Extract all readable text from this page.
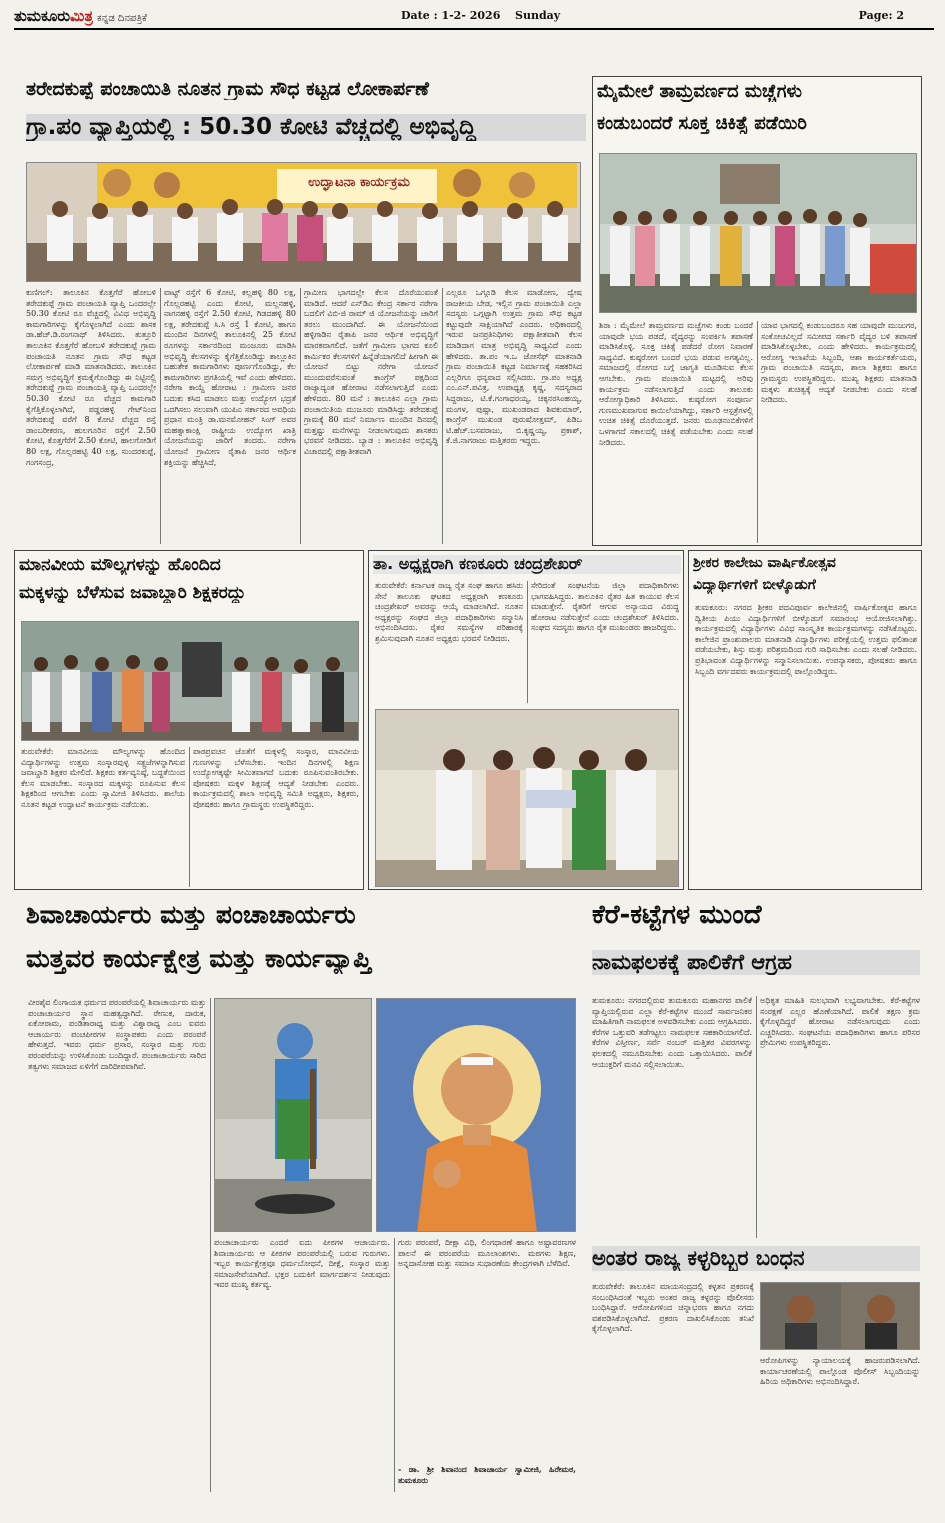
ತುಮಕೂರುಮಿತ್ರ ಕನ್ನಡ ದಿನಪತ್ರಿಕೆ	Date : 1-2- 2026 Sunday	Page: 2
ತರೇದಕುಪ್ಪೆ ಪಂಚಾಯಿತಿ ನೂತನ ಗ್ರಾಮ ಸೌಧ ಕಟ್ಟಡ ಲೋಕಾರ್ಪಣೆ
ಗ್ರಾ.ಪಂ ವ್ಯಾಪ್ತಿಯಲ್ಲಿ : 50.30 ಕೋಟಿ ವೆಚ್ಚದಲ್ಲಿ ಅಭಿವೃದ್ಧಿ
ಉದ್ಘಾಟನಾ ಕಾರ್ಯಕ್ರಮ
ಕುಣಿಗಲ್: ತಾಲೂಕಿನ ಕೊತ್ತಗೆರೆ ಹೋಬಳಿ ತರೇದಕುಪ್ಪೆ ಗ್ರಾಮ ಪಂಚಾಯತಿ ವ್ಯಾಪ್ತಿ ಒಂದರಲ್ಲೇ 50.30 ಕೋಟಿ ರೂ ವೆಚ್ಚದಲ್ಲಿ ವಿವಿಧ ಅಭಿವೃದ್ಧಿ ಕಾಮಗಾರಿಗಳನ್ನು ಕೈಗೊಳ್ಳಲಾಗಿದೆ ಎಂದು ಶಾಸಕ ಡಾ.ಹೆಚ್.ಡಿ.ರಂಗನಾಥ್ ತಿಳಿಸಿದರು. ತುತ್ತೂರಿ ತಾಲೂಕಿನ ಕೊತ್ತಗೆರೆ ಹೋಬಳಿ ತರೇದಕುಪ್ಪೆ ಗ್ರಾಮ ಪಂಚಾಯತಿ ನೂತನ ಗ್ರಾಮ ಸೌಧ ಕಟ್ಟಡ ಲೋಕಾರ್ಪಣೆ ಮಾಡಿ ಮಾತನಾಡಿದರು. ತಾಲೂಕಿನ ಸಮಗ್ರ ಅಭಿವೃದ್ಧಿಗೆ ಕ್ರಮಕೈಗೊಂಡಿದ್ದು ಈ ನಿಟ್ಟಿನಲ್ಲಿ ತರೇದಕುಪ್ಪೆ ಗ್ರಾಮ ಪಂಚಾಯತ್ತಿ ವ್ಯಾಪ್ತಿ ಒಂದರಲ್ಲೇ 50.30 ಕೋಟಿ ರೂ ವೆಚ್ಚದ ಕಾಮಗಾರಿ ಕೈಗೆತ್ತಿಕೊಳ್ಳಲಾಗಿದೆ, ಪಡ್ಡರಹಳ್ಳಿ ಗೇಟ್‌ನಿಂದ ತರೇದಕುಪ್ಪೆ ವರೆಗೆ 8 ಕೋಟಿ ವೆಚ್ಚದ ರಸ್ತೆ ಡಾಂಬರೀಕರಣ, ಹುಲಗೂರಿನ ರಸ್ತೆಗೆ 2.50 ಕೋಟಿ, ಕೊತ್ತಗೆರೆಗೆ 2.50 ಕೋಟಿ, ಹಾಲಗೋಡಿಗೆ 80 ಲಕ್ಷ, ಗೊಲ್ಲರಹಟ್ಟಿ 40 ಲಕ್ಷ, ಸುಂದರಕುಪ್ಪೆ, ಗಂಗಸಂದ್ರ,
ವಾಟ್ಟ್ ರಸ್ತೆಗೆ 6 ಕೋಟಿ, ಕಲ್ಲಹಳ್ಳಿ 80 ಲಕ್ಷ, ಗೊಲ್ಲರಹಟ್ಟಿ ಎಂದು ಕೋಟಿ, ಮಲ್ಲನಹಳ್ಳಿ, ನಾಗನಹಳ್ಳಿ ರಸ್ತೆಗೆ 2.50 ಕೋಟಿ, ಗಿಡದಹಳ್ಳಿ 80 ಲಕ್ಷ, ತರೇದಕುಪ್ಪೆ ಸಿ.ಸಿ ರಸ್ತೆ 1 ಕೋಟಿ, ಹಾಗೂ ಮುಂದಿನ ದಿನಗಳಲ್ಲಿ ತಾಲೂಕಿನಲ್ಲಿ 25 ಕೋಟಿ ರೂಗಳನ್ನು ಸರ್ಕಾರದಿಂದ ಮಂಜೂರು ಮಾಡಿಸಿ ಅಭಿವೃದ್ಧಿ ಕೆಲಸಗಳನ್ನು ಕೈಗೆತ್ತಿಕೊಂಡಿದ್ದು ತಾಲ್ಲೂಕಿನ ಬಹುತೇಕ ಕಾಮಗಾರಿಗಳು ಪೂರ್ಣಗೊಂಡಿದ್ದು, ಕೆಲ ಕಾಮಗಾರಿಗಳು ಪ್ರಗತಿಯಲ್ಲಿ ಇವೆ ಎಂದು ಹೇಳಿದರು. ನರೇಗಾ ಕಾಯ್ದೆ ಹೋರಾಟ : ಗ್ರಾಮೀಣ ಜನರ ಬದುಕು ಕಸಿದ ಮಾಡಲು ಮತ್ತು ಉದ್ಯೋಗ ಭದ್ರತೆ ಒದಗಿಸಲು ಸಲುವಾಗಿ ಯುಪಿಎ ಸರ್ಕಾರದ ಅವಧಿಯ ಪ್ರಧಾನ ಮಂತ್ರಿ ಡಾ.ಮನಮೋಹನ್ ಸಿಂಗ್ ಅವರ ಮಹತ್ವಾಕಾಂಕ್ಷಿ ರಾಷ್ಟ್ರೀಯ ಉದ್ಯೋಗ ಖಾತ್ರಿ ಯೋಜನೆಯನ್ನು ಜಾರಿಗೆ ತಂದರು. ನರೇಗಾ ಯೋಜನೆ ಗ್ರಾಮೀಣ ರೈತಾಪಿ ಜನರ ಆರ್ಥಿಕ ಶಕ್ತಿಯನ್ನು ಹೆಚ್ಚಿಸಿದೆ,
ಗ್ರಾಮೀಣ ಭಾಗದಲ್ಲೇ ಕೆಲಸ ದೊರೆಯುವಂತೆ ಮಾಡಿದೆ. ಆದರೆ ಎನ್‌ಡಿಎ ಕೇಂದ್ರ ಸರ್ಕಾರ ನರೇಗಾ ಬದಲಿಗೆ ವಿಬಿ-ಜಿ ರಾಮ್ ಜಿ ಯೋಜನೆಯನ್ನು ಜಾರಿಗೆ ತರಲು ಮುಂದಾಗಿದೆ. ಈ ಯೋಜನೆಯಿಂದ ಹಳ್ಳಿಗಾಡಿನ ರೈತಾಪಿ ಜನರ ಆರ್ಥಿಕ ಅಭಿವೃದ್ಧಿಗೆ ಮಾರಕವಾಗಲಿದೆ. ಜತೆಗೆ ಗ್ರಾಮೀಣ ಭಾಗದ ಕೂಲಿ ಕಾರ್ಮಿಕರ ಕೆಲಸಗಳಿಗೆ ಹಿನ್ನೆಡೆಯಾಗಲಿದೆ ಹೀಗಾಗಿ ಈ ಯೋಜನೆ ಬಿಟ್ಟು ನರೇಗಾ ಯೋಜನೆ ಮುಂದುವರೆಸುವಂತೆ ಕಾಂಗ್ರೆಸ್ ಪಕ್ಷದಿಂದ ರಾಜ್ಯಾದ್ಯಂತ ಹೋರಾಟ ನಡೆಸಲಾಗುತ್ತಿದೆ ಎಂದು ಹೇಳಿದರು. 80 ಮನೆ : ತಾಲೂಕಿನ ಎಲ್ಲಾ ಗ್ರಾಮ ಪಂಚಾಯಿತಿಯ ಮುಜೂರು ಮಾಡಿಸಿದ್ದು ತರೇದಕುಪ್ಪೆ ಗ್ರಾಮಕ್ಕೆ 80 ಮನೆ ನಿರ್ಮಾಣ ಮುಂದಿನ ದಿನದಲ್ಲಿ ಮತ್ತಷ್ಟು ಮನೆಗಳನ್ನು ನೀಡಲಾಗುವುದು ಶಾಸಕರು ಭರವಸೆ ನೀಡಿದರು. ಬ್ಯಾಡ : ತಾಲೂಕಿನ ಅಭಿವೃದ್ಧಿ ವಿಚಾರದಲ್ಲಿ ಪಕ್ಷಾತೀತವಾಗಿ
ಎಲ್ಲರೂ ಒಗ್ಗೂಡಿ ಕೆಲಸ ಮಾಡೋಣ, ದ್ವೇಷ ರಾಜಕೀಯ ಬೇಡ, ಇಲ್ಲಿನ ಗ್ರಾಮ ಪಂಚಾಯಿತಿ ಎಲ್ಲಾ ಸದಸ್ಯರು ಒಗ್ಗಟ್ಟಾಗಿ ಉತ್ತಮ ಗ್ರಾಮ ಸೌಧ ಕಟ್ಟಡ ಕಟ್ಟುವುದೇ ಸಾಕ್ಷಿಯಾಗಿದೆ ಎಂದರು. ಅಧಿಕಾರದಲ್ಲಿ ಇರುವ ಜನಪ್ರತಿನಿಧಿಗಳು ಪಕ್ಷಾತೀತವಾಗಿ ಕೆಲಸ ಮಾಡಿದಾಗ ಮಾತ್ರ ಅಭಿವೃದ್ಧಿ ಸಾಧ್ಯವಿದೆ ಎಂದು ಹೇಳಿದರು. ತಾ.ಪಂ ಇ.ಒ ಜೋಸೆಫ್ ಮಾತನಾಡಿ ಗ್ರಾಮ ಪಂಚಾಯಿತಿ ಕಟ್ಟಡ ನಿರ್ಮಾಣಕ್ಕೆ ಸಹಕರಿಸಿದ ಎಲ್ಲರಿಗೂ ಧನ್ಯವಾದ ಸಲ್ಲಿಸಿದರು. ಗ್ರಾ.ಪಂ ಅಧ್ಯಕ್ಷ ಎಂ.ಎನ್.ಪವಿತ್ರ, ಉಪಾಧ್ಯಕ್ಷ ಕೃಷ್ಣ, ಸದಸ್ಯರಾದ ಸಿದ್ದರಾಜು, ಟಿ.ಕೆ.ಗಂಗಾಧರಯ್ಯ, ಚಿಕ್ಕನರಸಿಂಹಯ್ಯ, ಮಂಗಳ, ಪುಷ್ಪಾ, ಮುಖಂಡರಾದ ಶಿವಕುಮಾರ್, ಕಾಂಗ್ರೆಸ್ ಮುಖಂಡ ಪುರುಷೋತ್ತಮ್, ಪಿಡಿಒ ಟಿ.ಹೆಚ್.ಬಸವರಾಜು, ಬಿ.ಕೃಷ್ಣಯ್ಯ, ಪ್ರಕಾಶ್, ಕೆ.ಜಿ.ನಾಗರಾಜು ಮತ್ತಿತರರು ಇದ್ದರು.
ಮೈಮೇಲೆ ತಾಮ್ರವರ್ಣದ ಮಚ್ಚೆಗಳು
ಕಂಡುಬಂದರೆ ಸೂಕ್ತ ಚಿಕಿತ್ಸೆ ಪಡೆಯಿರಿ
ಶಿರಾ : ಮೈಮೇಲೆ ತಾಮ್ರವರ್ಣದ ಮಚ್ಚೆಗಳು ಕಂಡು ಬಂದರೆ ಯಾವುದೇ ಭಯ ಪಡದೆ, ವೈದ್ಯರನ್ನು ಸಂಪರ್ಕಿಸಿ ತಪಾಸಣೆ ಮಾಡಿಸಿಕೊಳ್ಳಿ. ಸೂಕ್ತ ಚಿಕಿತ್ಸೆ ಪಡೆದರೆ ರೋಗ ನಿವಾರಣೆ ಸಾಧ್ಯವಿದೆ. ಕುಷ್ಠರೋಗ ಬಂದರೆ ಭಯ ಪಡುವ ಅಗತ್ಯವಿಲ್ಲ. ಸಮಾಜದಲ್ಲಿ ರೋಗದ ಬಗ್ಗೆ ಜಾಗೃತಿ ಮೂಡಿಸುವ ಕೆಲಸ ಆಗಬೇಕು. ಗ್ರಾಮ ಪಂಚಾಯಿತಿ ಮಟ್ಟದಲ್ಲಿ ಅರಿವು ಕಾರ್ಯಕ್ರಮ ನಡೆಸಲಾಗುತ್ತಿದೆ ಎಂದು ತಾಲೂಕು ಆರೋಗ್ಯಾಧಿಕಾರಿ ತಿಳಿಸಿದರು. ಕುಷ್ಠರೋಗ ಸಂಪೂರ್ಣ ಗುಣಮುಖವಾಗುವ ಕಾಯಿಲೆಯಾಗಿದ್ದು, ಸರ್ಕಾರಿ ಆಸ್ಪತ್ರೆಗಳಲ್ಲಿ ಉಚಿತ ಚಿಕಿತ್ಸೆ ದೊರೆಯುತ್ತದೆ. ಜನರು ಮೂಢನಂಬಿಕೆಗಳಿಗೆ ಒಳಗಾಗದೆ ಸಕಾಲದಲ್ಲಿ ಚಿಕಿತ್ಸೆ ಪಡೆಯಬೇಕು ಎಂದು ಸಲಹೆ ನೀಡಿದರು.
ಯಾವ ಭಾಗದಲ್ಲಿ ಕಂಡುಬಂದರೂ ಸಹ ಯಾವುದೇ ಮುಜುಗರ, ಸಂಕೋಚವಿಲ್ಲದೆ ಸಮೀಪದ ಸರ್ಕಾರಿ ವೈದ್ಯರ ಬಳಿ ತಪಾಸಣೆ ಮಾಡಿಸಿಕೊಳ್ಳಬೇಕು, ಎಂದು ಹೇಳಿದರು. ಕಾರ್ಯಕ್ರಮದಲ್ಲಿ ಆರೋಗ್ಯ ಇಲಾಖೆಯ ಸಿಬ್ಬಂದಿ, ಆಶಾ ಕಾರ್ಯಕರ್ತೆಯರು, ಗ್ರಾಮ ಪಂಚಾಯಿತಿ ಸದಸ್ಯರು, ಶಾಲಾ ಶಿಕ್ಷಕರು ಹಾಗೂ ಗ್ರಾಮಸ್ಥರು ಉಪಸ್ಥಿತರಿದ್ದರು. ಮುಖ್ಯ ಶಿಕ್ಷಕರು ಮಾತನಾಡಿ ಮಕ್ಕಳು ಶುಚಿತ್ವಕ್ಕೆ ಆದ್ಯತೆ ನೀಡಬೇಕು ಎಂದು ಸಲಹೆ ನೀಡಿದರು.
ಮಾನವೀಯ ಮೌಲ್ಯಗಳನ್ನು ಹೊಂದಿದ
ಮಕ್ಕಳನ್ನು ಬೆಳೆಸುವ ಜವಾಬ್ದಾರಿ ಶಿಕ್ಷಕರದ್ದು
ತುರುವೇಕೆರೆ: ಮಾನವೀಯ ಮೌಲ್ಯಗಳನ್ನು ಹೊಂದಿದ ವಿದ್ಯಾರ್ಥಿಗಳನ್ನು ಉತ್ತಮ ಸಂಸ್ಕಾರವುಳ್ಳ ಸತ್ಪ್ರಜೆಗಳನ್ನಾಗಿಸುವ ಜವಾಬ್ದಾರಿ ಶಿಕ್ಷಕರ ಮೇಲಿದೆ. ಶಿಕ್ಷಕರು ಕರ್ತವ್ಯನಿಷ್ಠೆ, ಬದ್ಧತೆಯಿಂದ ಕೆಲಸ ಮಾಡಬೇಕು. ಸಂಸ್ಕಾರದ ಮಕ್ಕಳನ್ನು ರೂಪಿಸುವ ಕೆಲಸ ಶಿಕ್ಷಕರಿಂದ ಆಗಬೇಕು ಎಂದು ಸ್ವಾಮೀಜಿ ತಿಳಿಸಿದರು. ಶಾಲೆಯ ನೂತನ ಕಟ್ಟಡ ಉದ್ಘಾಟನೆ ಕಾರ್ಯಕ್ರಮ ನಡೆಯಿತು.
ಪಾಠಪ್ರವಚನ ಜೊತೆಗೆ ಮಕ್ಕಳಲ್ಲಿ ಸಂಸ್ಕಾರ, ಮಾನವೀಯ ಗುಣಗಳನ್ನು ಬೆಳೆಸಬೇಕು. ಇಂದಿನ ದಿನಗಳಲ್ಲಿ ಶಿಕ್ಷಣ ಉದ್ಯೋಗಕ್ಕಷ್ಟೇ ಸೀಮಿತವಾಗದೆ ಬದುಕು ರೂಪಿಸುವಂತಿರಬೇಕು. ಪೋಷಕರು ಮಕ್ಕಳ ಶಿಕ್ಷಣಕ್ಕೆ ಆದ್ಯತೆ ನೀಡಬೇಕು ಎಂದರು. ಕಾರ್ಯಕ್ರಮದಲ್ಲಿ ಶಾಲಾ ಅಭಿವೃದ್ಧಿ ಸಮಿತಿ ಅಧ್ಯಕ್ಷರು, ಶಿಕ್ಷಕರು, ಪೋಷಕರು ಹಾಗೂ ಗ್ರಾಮಸ್ಥರು ಉಪಸ್ಥಿತರಿದ್ದರು.
ತಾ. ಅಧ್ಯಕ್ಷರಾಗಿ ಕಣಕೂರು ಚಂದ್ರಶೇಖರ್
ತುರುವೇಕೆರೆ: ಕರ್ನಾಟಕ ರಾಜ್ಯ ರೈತ ಸಂಘ ಹಾಗೂ ಹಸಿರು ಸೇನೆ ತಾಲೂಕು ಘಟಕದ ಅಧ್ಯಕ್ಷರಾಗಿ ಕಣಕೂರು ಚಂದ್ರಶೇಖರ್ ಅವರನ್ನು ಆಯ್ಕೆ ಮಾಡಲಾಗಿದೆ. ನೂತನ ಅಧ್ಯಕ್ಷರನ್ನು ಸಂಘದ ಜಿಲ್ಲಾ ಪದಾಧಿಕಾರಿಗಳು ಸನ್ಮಾನಿಸಿ ಅಭಿನಂದಿಸಿದರು. ರೈತರ ಸಮಸ್ಯೆಗಳ ಪರಿಹಾರಕ್ಕೆ ಶ್ರಮಿಸುವುದಾಗಿ ನೂತನ ಅಧ್ಯಕ್ಷರು ಭರವಸೆ ನೀಡಿದರು.
ಸೇರಿದಂತೆ ಸಂಘಟನೆಯ ಜಿಲ್ಲಾ ಪದಾಧಿಕಾರಿಗಳು ಭಾಗವಹಿಸಿದ್ದರು. ತಾಲೂಕಿನ ರೈತರ ಹಿತ ಕಾಯುವ ಕೆಲಸ ಮಾಡುತ್ತೇನೆ. ರೈತರಿಗೆ ಆಗುವ ಅನ್ಯಾಯದ ವಿರುದ್ಧ ಹೋರಾಟ ನಡೆಸುತ್ತೇನೆ ಎಂದು ಚಂದ್ರಶೇಖರ್ ತಿಳಿಸಿದರು. ಸಂಘದ ಸದಸ್ಯರು ಹಾಗೂ ರೈತ ಮುಖಂಡರು ಹಾಜರಿದ್ದರು.
ಶ್ರೀಕರ ಕಾಲೇಜು ವಾರ್ಷಿಕೋತ್ಸವ
ವಿದ್ಯಾರ್ಥಿಗಳಿಗೆ ಬೀಳ್ಕೊಡುಗೆ
ತುಮಕೂರು: ನಗರದ ಶ್ರೀಕರ ಪದವಿಪೂರ್ವ ಕಾಲೇಜಿನಲ್ಲಿ ವಾರ್ಷಿಕೋತ್ಸವ ಹಾಗೂ ದ್ವಿತೀಯ ಪಿಯು ವಿದ್ಯಾರ್ಥಿಗಳಿಗೆ ಬೀಳ್ಕೊಡುಗೆ ಸಮಾರಂಭ ಆಯೋಜಿಸಲಾಗಿತ್ತು. ಕಾರ್ಯಕ್ರಮದಲ್ಲಿ ವಿದ್ಯಾರ್ಥಿಗಳು ವಿವಿಧ ಸಾಂಸ್ಕೃತಿಕ ಕಾರ್ಯಕ್ರಮಗಳನ್ನು ನಡೆಸಿಕೊಟ್ಟರು. ಕಾಲೇಜಿನ ಪ್ರಾಂಶುಪಾಲರು ಮಾತನಾಡಿ ವಿದ್ಯಾರ್ಥಿಗಳು ಪರೀಕ್ಷೆಯಲ್ಲಿ ಉತ್ತಮ ಫಲಿತಾಂಶ ಪಡೆಯಬೇಕು, ಶಿಸ್ತು ಮತ್ತು ಪರಿಶ್ರಮದಿಂದ ಗುರಿ ಸಾಧಿಸಬೇಕು ಎಂದು ಸಲಹೆ ನೀಡಿದರು. ಪ್ರತಿಭಾವಂತ ವಿದ್ಯಾರ್ಥಿಗಳನ್ನು ಸನ್ಮಾನಿಸಲಾಯಿತು. ಉಪನ್ಯಾಸಕರು, ಪೋಷಕರು ಹಾಗೂ ಸಿಬ್ಬಂದಿ ವರ್ಗದವರು ಕಾರ್ಯಕ್ರಮದಲ್ಲಿ ಪಾಲ್ಗೊಂಡಿದ್ದರು.
ಶಿವಾಚಾರ್ಯರು ಮತ್ತು ಪಂಚಾಚಾರ್ಯರು
ಮತ್ತವರ ಕಾರ್ಯಕ್ಷೇತ್ರ ಮತ್ತು ಕಾರ್ಯವ್ಯಾಪ್ತಿ
ವೀರಶೈವ ಲಿಂಗಾಯತ ಧರ್ಮದ ಪರಂಪರೆಯಲ್ಲಿ ಶಿವಾಚಾರ್ಯರು ಮತ್ತು ಪಂಚಾಚಾರ್ಯರ ಸ್ಥಾನ ಮಹತ್ವದ್ದಾಗಿದೆ. ರೇಣುಕ, ದಾರುಕ, ಏಕೋರಾಮ, ಪಂಡಿತಾರಾಧ್ಯ ಮತ್ತು ವಿಶ್ವಾರಾಧ್ಯ ಎಂಬ ಐವರು ಆಚಾರ್ಯರು ಪಂಚಪೀಠಗಳ ಸಂಸ್ಥಾಪಕರು ಎಂದು ಪರಂಪರೆ ಹೇಳುತ್ತದೆ. ಇವರು ಧರ್ಮ ಪ್ರಸಾರ, ಸಂಸ್ಕಾರ ಮತ್ತು ಗುರು ಪರಂಪರೆಯನ್ನು ಉಳಿಸಿಕೊಂಡು ಬಂದಿದ್ದಾರೆ. ಪಂಚಾಚಾರ್ಯರು ಸಾರಿದ ತತ್ವಗಳು ಸಮಾಜದ ಏಳಿಗೆಗೆ ದಾರಿದೀಪವಾಗಿವೆ.
ಪಂಚಾಚಾರ್ಯರು ಎಂದರೆ ಐದು ಪೀಠಗಳ ಆಚಾರ್ಯರು. ಶಿವಾಚಾರ್ಯರು ಆ ಪೀಠಗಳ ಪರಂಪರೆಯಲ್ಲಿ ಬರುವ ಗುರುಗಳು. ಇಬ್ಬರ ಕಾರ್ಯಕ್ಷೇತ್ರವೂ ಧರ್ಮಬೋಧನೆ, ದೀಕ್ಷೆ, ಸಂಸ್ಕಾರ ಮತ್ತು ಸಮಾಜಸೇವೆಯಾಗಿದೆ. ಭಕ್ತರ ಬದುಕಿಗೆ ಮಾರ್ಗದರ್ಶನ ನೀಡುವುದು ಇವರ ಮುಖ್ಯ ಕರ್ತವ್ಯ.
ಗುರು ಪರಂಪರೆ, ದೀಕ್ಷಾ ವಿಧಿ, ಲಿಂಗಧಾರಣೆ ಹಾಗೂ ಅಷ್ಟಾವರಣಗಳ ಪಾಲನೆ ಈ ಪರಂಪರೆಯ ಮೂಲಾಂಶಗಳು. ಮಠಗಳು ಶಿಕ್ಷಣ, ಅನ್ನದಾಸೋಹ ಮತ್ತು ಸಮಾಜ ಸುಧಾರಣೆಯ ಕೇಂದ್ರಗಳಾಗಿ ಬೆಳೆದಿವೆ.
- ಡಾ. ಶ್ರೀ ಶಿವಾನಂದ ಶಿವಾಚಾರ್ಯ ಸ್ವಾಮೀಜಿ, ಹಿರೇಮಠ, ತುಮಕೂರು
ಕೆರೆ-ಕಟ್ಟೆಗಳ ಮುಂದೆ
ನಾಮಫಲಕಕ್ಕೆ ಪಾಲಿಕೆಗೆ ಆಗ್ರಹ
ತುಮಕೂರು: ನಗರದಲ್ಲಿರುವ ತುಮಕೂರು ಮಹಾನಗರ ಪಾಲಿಕೆ ವ್ಯಾಪ್ತಿಯಲ್ಲಿರುವ ಎಲ್ಲಾ ಕೆರೆ-ಕಟ್ಟೆಗಳ ಮುಂದೆ ಸಾರ್ವಜನಿಕರ ಮಾಹಿತಿಗಾಗಿ ನಾಮಫಲಕ ಅಳವಡಿಸಬೇಕು ಎಂದು ಆಗ್ರಹಿಸಿದರು. ಕೆರೆಗಳ ಒತ್ತುವರಿ ತಡೆಗಟ್ಟಲು ನಾಮಫಲಕ ಸಹಕಾರಿಯಾಗಲಿದೆ. ಕೆರೆಗಳ ವಿಸ್ತೀರ್ಣ, ಸರ್ವೆ ನಂಬರ್ ಮತ್ತಿತರ ವಿವರಗಳನ್ನು ಫಲಕದಲ್ಲಿ ನಮೂದಿಸಬೇಕು ಎಂದು ಒತ್ತಾಯಿಸಿದರು. ಪಾಲಿಕೆ ಆಯುಕ್ತರಿಗೆ ಮನವಿ ಸಲ್ಲಿಸಲಾಯಿತು.
ಅಧಿಕೃತ ಮಾಹಿತಿ ಸುಲಭವಾಗಿ ಲಭ್ಯವಾಗಬೇಕು. ಕೆರೆ-ಕಟ್ಟೆಗಳ ಸಂರಕ್ಷಣೆ ಎಲ್ಲರ ಹೊಣೆಯಾಗಿದೆ. ಪಾಲಿಕೆ ತಕ್ಷಣ ಕ್ರಮ ಕೈಗೊಳ್ಳದಿದ್ದರೆ ಹೋರಾಟ ನಡೆಸಲಾಗುವುದು ಎಂದು ಎಚ್ಚರಿಸಿದರು. ಸಂಘಟನೆಯ ಪದಾಧಿಕಾರಿಗಳು ಹಾಗೂ ಪರಿಸರ ಪ್ರೇಮಿಗಳು ಉಪಸ್ಥಿತರಿದ್ದರು.
ಅಂತರ ರಾಜ್ಯ ಕಳ್ಳರಿಬ್ಬರ ಬಂಧನ
ತುರುವೇಕೆರೆ: ತಾಲೂಕಿನ ಮಾಯಸಂದ್ರದಲ್ಲಿ ಕಳ್ಳತನ ಪ್ರಕರಣಕ್ಕೆ ಸಂಬಂಧಿಸಿದಂತೆ ಇಬ್ಬರು ಅಂತರ ರಾಜ್ಯ ಕಳ್ಳರನ್ನು ಪೊಲೀಸರು ಬಂಧಿಸಿದ್ದಾರೆ. ಆರೋಪಿಗಳಿಂದ ಚಿನ್ನಾಭರಣ ಹಾಗೂ ನಗದು ವಶಪಡಿಸಿಕೊಳ್ಳಲಾಗಿದೆ. ಪ್ರಕರಣ ದಾಖಲಿಸಿಕೊಂಡು ತನಿಖೆ ಕೈಗೊಳ್ಳಲಾಗಿದೆ.
ಆರೋಪಿಗಳನ್ನು ನ್ಯಾಯಾಲಯಕ್ಕೆ ಹಾಜರುಪಡಿಸಲಾಗಿದೆ. ಕಾರ್ಯಾಚರಣೆಯಲ್ಲಿ ಪಾಲ್ಗೊಂಡ ಪೊಲೀಸ್ ಸಿಬ್ಬಂದಿಯನ್ನು ಹಿರಿಯ ಅಧಿಕಾರಿಗಳು ಅಭಿನಂದಿಸಿದ್ದಾರೆ.
